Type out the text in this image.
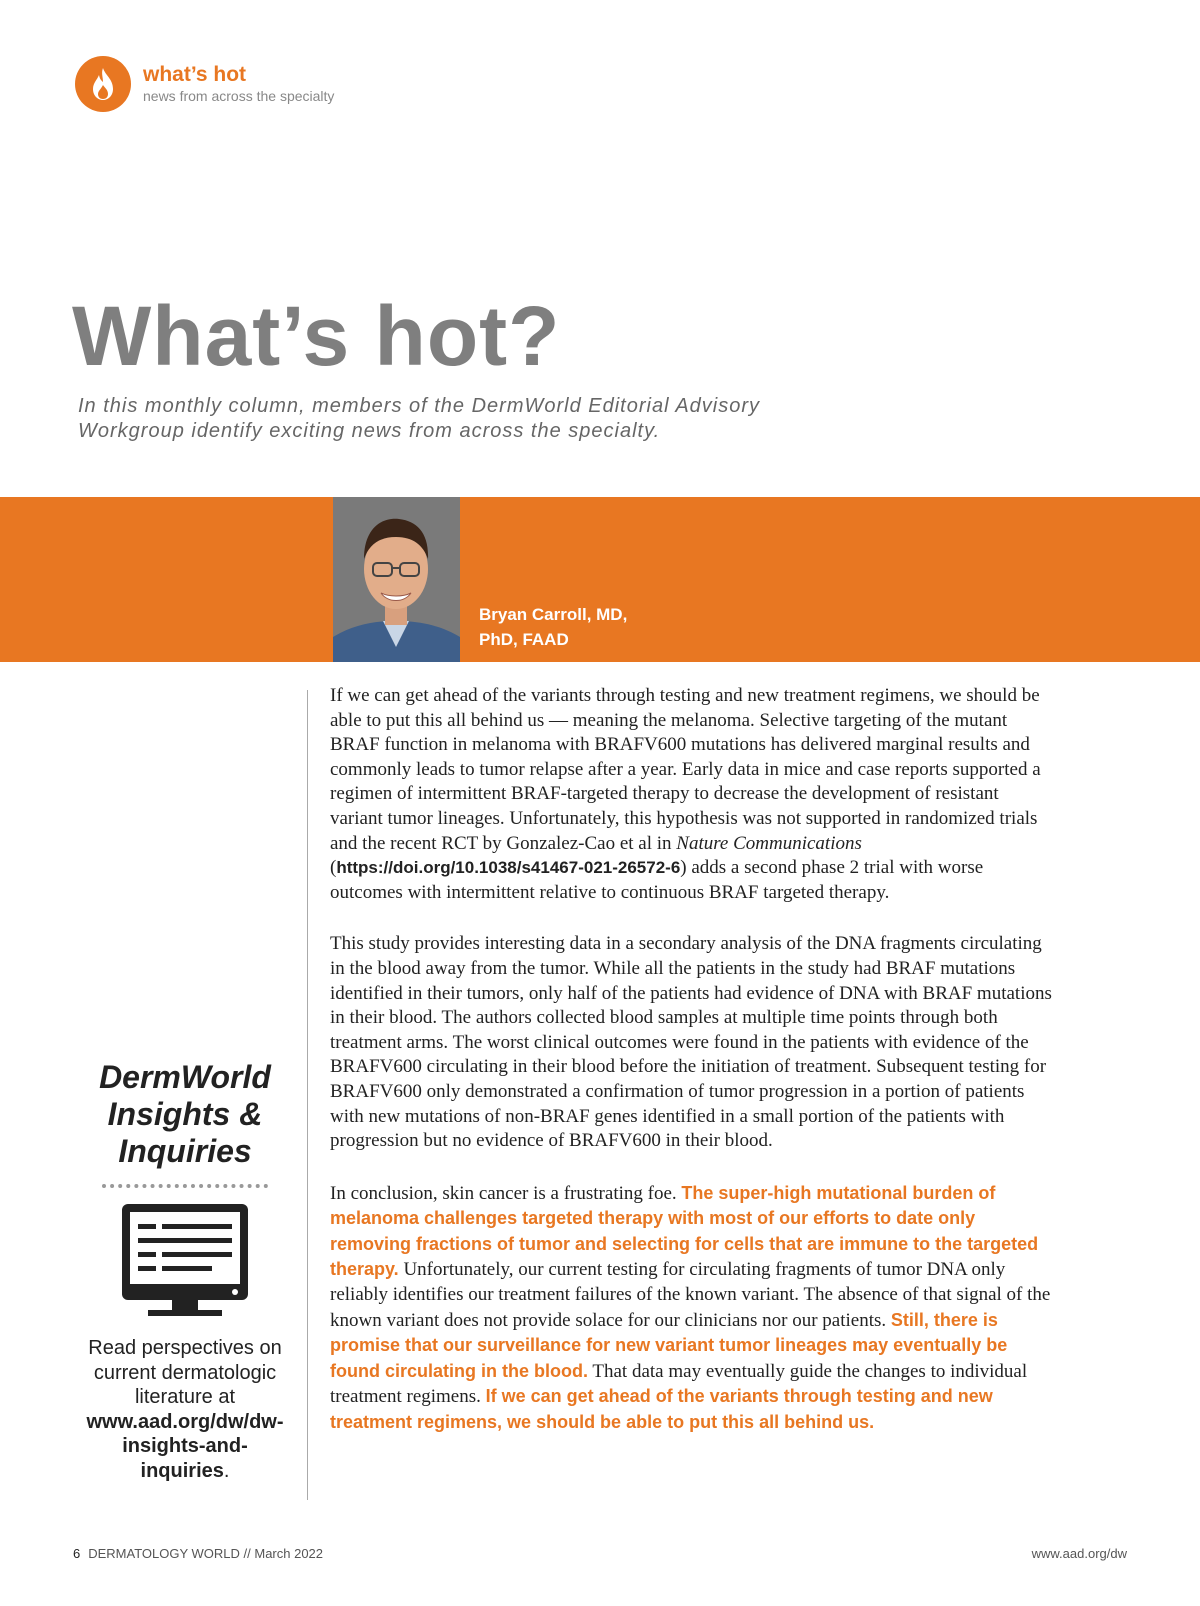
what’s hot
news from across the specialty
What’s hot?
In this monthly column, members of the DermWorld Editorial Advisory Workgroup identify exciting news from across the specialty.
Bryan Carroll, MD,
PhD, FAAD
DermWorld
Insights &
Inquiries
Read perspectives on current dermatologic literature at www.aad.org/dw/dw-insights-and-inquiries.

If we can get ahead of the variants through testing and new treatment regimens, we should be able to put this all behind us — meaning the melanoma. Selective targeting of the mutant BRAF function in melanoma with BRAFV600 mutations has delivered marginal results and commonly leads to tumor relapse after a year. Early data in mice and case reports supported a regimen of intermittent BRAF-targeted therapy to decrease the development of resistant variant tumor lineages. Unfortunately, this hypothesis was not supported in randomized trials and the recent RCT by Gonzalez-Cao et al in Nature Communications (https://doi.org/10.1038/s41467-021-26572-6) adds a second phase 2 trial with worse outcomes with intermittent relative to continuous BRAF targeted therapy.

This study provides interesting data in a secondary analysis of the DNA fragments circulating in the blood away from the tumor. While all the patients in the study had BRAF mutations identified in their tumors, only half of the patients had evidence of DNA with BRAF mutations in their blood. The authors collected blood samples at multiple time points through both treatment arms. The worst clinical outcomes were found in the patients with evidence of the BRAFV600 circulating in their blood before the initiation of treatment. Subsequent testing for BRAFV600 only demonstrated a confirmation of tumor progression in a portion of patients with new mutations of non-BRAF genes identified in a small portion of the patients with progression but no evidence of BRAFV600 in their blood.

In conclusion, skin cancer is a frustrating foe. The super-high mutational burden of melanoma challenges targeted therapy with most of our efforts to date only removing fractions of tumor and selecting for cells that are immune to the targeted therapy. Unfortunately, our current testing for circulating fragments of tumor DNA only reliably identifies our treatment failures of the known variant. The absence of that signal of the known variant does not provide solace for our clinicians nor our patients. Still, there is promise that our surveillance for new variant tumor lineages may eventually be found circulating in the blood. That data may eventually guide the changes to individual treatment regimens. If we can get ahead of the variants through testing and new treatment regimens, we should be able to put this all behind us.

6 DERMATOLOGY WORLD // March 2022	www.aad.org/dw
